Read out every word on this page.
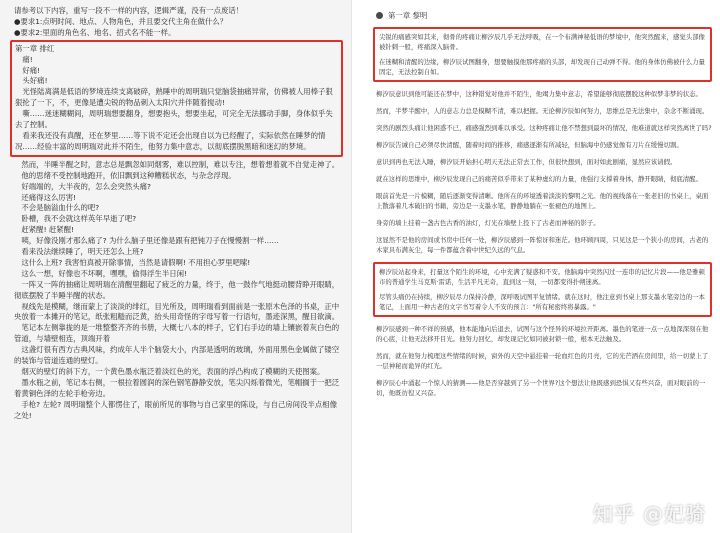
请参考以下内容，重写一段不一样的内容，逻辑严谨，没有一点废话！
●要求1:点明时间、地点、人物角色，并且要交代主角在做什么？
●要求2:里面的角色名、地名、招式名不能一样。
第一章 排红
　痛!
　好痛!
　头好痛!
　光怪陆离满是低语的梦境连续支离破碎，熟睡中的周明瑞只觉脑袋抽痛异常，仿佛被人用棒子狠狠抡了一下，不，更像是遭尖锐的物品刺入太阳穴并伴随着搅动!
　嘶……迷迷糊糊间，周明瑞想要翻身，想要抱头，想要坐起，可完全无法挪动手脚，身体似乎失去了控制。
　看来我还没有真醒，还在梦里……等下说不定还会出现自以为已经醒了，实际依然在睡梦的情况……经验丰富的周明瑞对此并不陌生，他努力集中意志，以彻底摆脱黑暗和迷幻的梦境。
　然而，半睡半醒之时，意志总是飘忽如同烟雾，难以控制，难以专注，想着想着就不自觉走神了。
　他的思绪不受控制地跑开，依旧飘到这种糟糕状态，与杂念浮现。
　好端端的，大半夜的，怎么会突然头痛?
　还痛得这么厉害!
　不会是脑溢血什么的吧?
　卧槽，我不会就这样英年早逝了吧?
　赶紧醒! 赶紧醒!
　咦，好像没刚才那么痛了? 为什么脑子里还像是跟有把钝刀子在慢慢割一样……
　看来没法继续睡了，明天还怎么上班?
　这什么上班? 我害怕真被开除事情，当然是请假啊! 不用担心罗里吧嗦!
　这么一想，好像也不坏啊，嘿嘿，偷得浮生半日闲!
　一阵又一阵的抽痛让周明瑞在清醒里翻起了疲乏的力量，终于，他一鼓作气地挺动腰背睁开眼睛，彻底摆脱了半睡半醒的状态。
　视线先是模糊，继而蒙上了淡淡的绯红，目光所及，周明瑞看到面前是一张原木色泽的书桌，正中央放着一本摊开的笔记，纸张粗糙而泛黄，抬头用奇怪的字母写着一行语句，墨迹深黑，醒目欲滴。
　笔记本左侧靠拢的是一堆整整齐齐的书册，大概七八本的样子，它们右手边的墙上镶嵌着灰白色的管道，与墙壁相连，顶端开着
　这盏灯很有西方古典风味，约成年人半个脑袋大小，内部是透明的玻璃，外面用黑色金属做了镂空的装饰与管道连通的壁灯。
　烟灭的壁灯的斜下方，一个黄色墨水瓶泛着淡红色的光，表面的浮凸构成了模糊的天使图案。
　墨水瓶之前，笔记本右侧，一根拉着圆润的深色钢笔静静安放，笔尖闪烁着微光，笔帽搁于一把泛着黄铜色泽的左轮手枪旁边。
　手枪? 左轮? 周明瑞整个人都愣住了，眼前所见的事物与自己家里的陈设，与自己房间没半点相像之处!
第一章 黎明
尖锐的痛感突如其来，彻骨的疼痛让柳汐辰几乎无法呼吸，在一个布满神秘低语的梦境中，他突然醒来，感觉头部像被针刺一般，疼痛深入脑骨。
在迷糊和清醒的边缘，柳汐辰试图翻身，想要触摸他那疼痛的头部，却发现自己动弹不得。他的身体仿佛被什么力量固定，无法控制自如。
柳汐辰意识到他可能还在梦中，这种错觉对他并不陌生，他竭力集中意志，希望能够彻底摆脱这种似梦非梦的状态。
然而，半梦半醒中，人的意志力总是模糊不清，难以把握。无论柳汐辰如何努力，思维总是无法集中，杂念不断涌现。
突然的剧烈头痛让他困惑不已，痛感强烈到难以承受。这种疼痛让他不禁想到最坏的情况，他难道就这样突然离世了吗?
柳汐辰告诫自己必须尽快清醒，随着时间的推移，痛感逐渐有所减轻，但脑海中仍感觉像有刀片在缓慢切割。
意识到再也无法入睡，柳汐辰开始担心明天无法正常去工作，但很快想到，面对如此剧痛，显然应该请假。
就在这样的思维中，柳汐辰发现自己的痛苦似乎带来了某种虚幻的力量，他强行支撑着身体，静开眼睛，彻底清醒。
眼前首先是一片模糊，随后逐渐变得清晰。他所在的环境透着淡淡的黎明之光。他的视线落在一张老旧的书桌上，桌面上散落着几本破旧的书籍，旁边是一支墨水笔，静静地躺在一张褪色的地图上。
身旁的墙上挂着一盏古色古香的油灯，灯光在墙壁上投下了古老而神秘的影子。
这显然不是他的房间或书房中任何一处，柳汐辰感到一阵惊讶和迷茫。他环顾四周，只见这是一个狭小的房间，古老的木家具布满灰尘，每一件都蕴含着中世纪久远的气息。
柳汐辰站起身来，打量这个陌生的环境，心中充满了疑惑和不安。他脑海中突然闪过一连串的记忆片段——他是雅顿市的普通学生马克斯·雷诺，生活平凡无奇，直到这一刻，一切都变得扑朔迷离。
尽管头痛仍在持续，柳汐辰尽力保持冷静，深呼吸试图平复情绪。就在这时，他注意到书桌上那支墨水笔旁边的一本笔记，上面用一种古老的文字书写着令人不安的预言："所有秘密终将暴露。"
柳汐辰感到一种不祥的预感，他本能地向后退去，试图与这个怪异的环境拉开距离。墨色的笔迹一点一点地深深刻在他的心底，让他无法移开目光。他努力回忆，却发现记忆如同被封锁一般，根本无法触及。
然而，就在他努力梳理这些情绪的时候，窗外的天空中悬挂着一轮血红色的月亮，它的光芒洒在房间里，给一切蒙上了一层神秘而诡异的红光。
柳汐辰心中涌起一个惊人的猜测——他是否穿越到了另一个世界?这个想法让他既感到恐惧又有些兴奋，面对眼前的一切，他既彷徨又兴奋。
知乎 @妃骑
